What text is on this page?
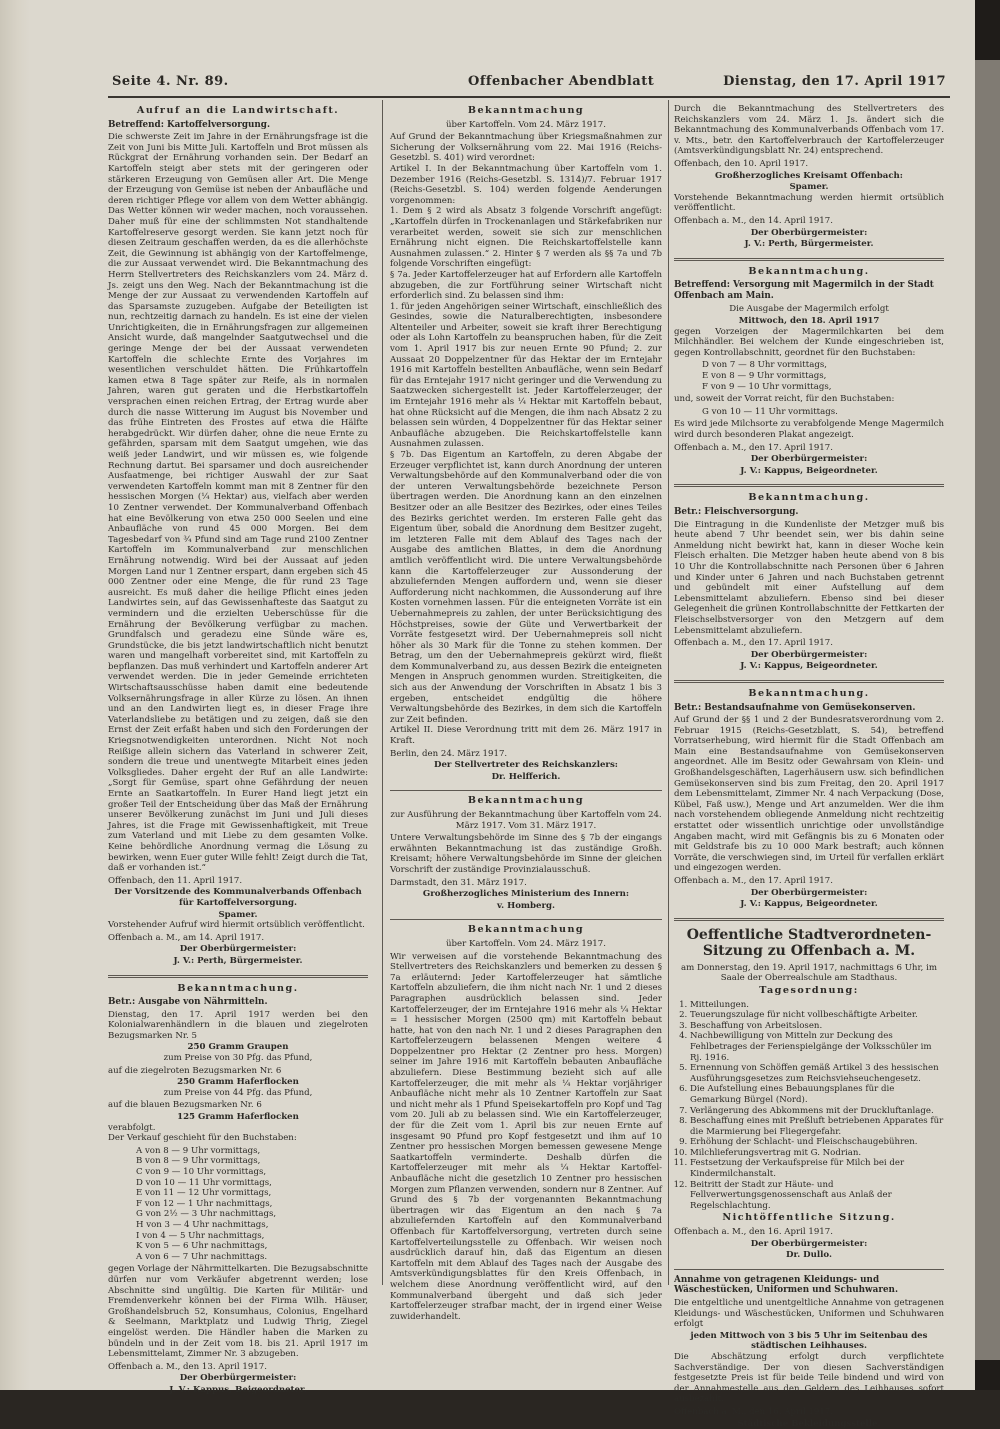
Seite 4. Nr. 89.	Offenbacher Abendblatt	Dienstag, den 17. April 1917
Aufruf an die Landwirtschaft.
Betreffend: Kartoffelversorgung.
Die schwerste Zeit im Jahre in der Ernährungsfrage ist die Zeit von Juni bis Mitte Juli. Kartoffeln und Brot müssen als Rückgrat der Ernährung vorhanden sein. Der Bedarf an Kartoffeln steigt aber stets mit der geringeren oder stärkeren Erzeugung von Gemüsen aller Art. Die Menge der Erzeugung von Gemüse ist neben der Anbaufläche und deren richtiger Pflege vor allem von dem Wetter abhängig. Das Wetter können wir weder machen, noch voraussehen. Daher muß für eine der schlimmsten Not standhaltende Kartoffelreserve gesorgt werden. Sie kann jetzt noch für diesen Zeitraum geschaffen werden, da es die allerhöchste Zeit, die Gewinnung ist abhängig von der Kartoffelmenge, die zur Aussaat verwendet wird. Die Bekanntmachung des Herrn Stellvertreters des Reichskanzlers vom 24. März d. Js. zeigt uns den Weg. Nach der Bekanntmachung ist die Menge der zur Aussaat zu verwendenden Kartoffeln auf das Sparsamste zuzugeben. Aufgabe der Beteiligten ist nun, rechtzeitig darnach zu handeln. Es ist eine der vielen Unrichtigkeiten, die in Ernährungsfragen zur allgemeinen Ansicht wurde, daß mangelnder Saatgutwechsel und die geringe Menge der bei der Aussaat verwendeten Kartoffeln die schlechte Ernte des Vorjahres im wesentlichen verschuldet hätten. Die Frühkartoffeln kamen etwa 8 Tage später zur Reife, als in normalen Jahren, waren gut geraten und die Herbstkartoffeln versprachen einen reichen Ertrag, der Ertrag wurde aber durch die nasse Witterung im August bis November und das frühe Eintreten des Frostes auf etwa die Hälfte herabgedrückt. Wir dürfen daher, ohne die neue Ernte zu gefährden, sparsam mit dem Saatgut umgehen, wie das weiß jeder Landwirt, und wir müssen es, wie folgende Rechnung dartut. Bei sparsamer und doch ausreichender Ausfaatmenge, bei richtiger Auswahl der zur Saat verwendeten Kartoffeln kommt man mit 8 Zentner für den hessischen Morgen (¼ Hektar) aus, vielfach aber werden 10 Zentner verwendet. Der Kommunalverband Offenbach hat eine Bevölkerung von etwa 250 000 Seelen und eine Anbaufläche von rund 45 000 Morgen. Bei dem Tagesbedarf von ¾ Pfund sind am Tage rund 2100 Zentner Kartoffeln im Kommunalverband zur menschlichen Ernährung notwendig. Wird bei der Aussaat auf jeden Morgen Land nur 1 Zentner erspart, dann ergeben sich 45 000 Zentner oder eine Menge, die für rund 23 Tage ausreicht. Es muß daher die heilige Pflicht eines jeden Landwirtes sein, auf das Gewissenhafteste das Saatgut zu vermindern und die erzielten Ueberschüsse für die Ernährung der Bevölkerung verfügbar zu machen. Grundfalsch und geradezu eine Sünde wäre es, Grundstücke, die bis jetzt landwirtschaftlich nicht benutzt waren und mangelhaft vorbereitet sind, mit Kartoffeln zu bepflanzen. Das muß verhindert und Kartoffeln anderer Art verwendet werden. Die in jeder Gemeinde errichteten Wirtschaftsausschüsse haben damit eine bedeutende Volksernährungsfrage in aller Kürze zu lösen. An ihnen und an den Landwirten liegt es, in dieser Frage ihre Vaterlandsliebe zu betätigen und zu zeigen, daß sie den Ernst der Zeit erfaßt haben und sich den Forderungen der Kriegsnotwendigkeiten unterordnen. Nicht Not noch Reißige allein sichern das Vaterland in schwerer Zeit, sondern die treue und unentwegte Mitarbeit eines jeden Volksgliedes. Daher ergeht der Ruf an alle Landwirte: „Sorgt für Gemüse, spart ohne Gefährdung der neuen Ernte an Saatkartoffeln. In Eurer Hand liegt jetzt ein großer Teil der Entscheidung über das Maß der Ernährung unserer Bevölkerung zunächst im Juni und Juli dieses Jahres, ist die Frage mit Gewissenhaftigkeit, mit Treue zum Vaterland und mit Liebe zu dem gesamten Volke. Keine behördliche Anordnung vermag die Lösung zu bewirken, wenn Euer guter Wille fehlt! Zeigt durch die Tat, daß er vorhanden ist.“
Offenbach, den 11. April 1917.
Der Vorsitzende des Kommunalverbands Offenbach für Kartoffelversorgung.
Spamer.
Vorstehender Aufruf wird hiermit ortsüblich veröffentlicht.
Offenbach a. M., am 14. April 1917.
Der Oberbürgermeister:
J. V.: Perth, Bürgermeister.
Bekanntmachung.
Betr.: Ausgabe von Nährmitteln.
Dienstag, den 17. April 1917 werden bei den Kolonialwarenhändlern in die blauen und ziegelroten Bezugsmarken Nr. 5
250 Gramm Graupen
zum Preise von 30 Pfg. das Pfund,
auf die ziegelroten Bezugsmarken Nr. 6
250 Gramm Haferflocken
zum Preise von 44 Pfg. das Pfund,
auf die blauen Bezugsmarken Nr. 6
125 Gramm Haferflocken
verabfolgt.
Der Verkauf geschieht für den Buchstaben:
A von 8 — 9 Uhr vormittags,
B von 8 — 9 Uhr vormittags,
C von 9 — 10 Uhr vormittags,
D von 10 — 11 Uhr vormittags,
E von 11 — 12 Uhr vormittags,
F von 12 — 1 Uhr nachmittags,
G von 2½ — 3 Uhr nachmittags,
H von 3 — 4 Uhr nachmittags,
I von 4 — 5 Uhr nachmittags,
K von 5 — 6 Uhr nachmittags,
A von 6 — 7 Uhr nachmittags.
gegen Vorlage der Nährmittelkarten. Die Bezugsabschnitte dürfen nur vom Verkäufer abgetrennt werden; lose Abschnitte sind ungültig. Die Karten für Militär- und Fremdenverkehr können bei der Firma Wilh. Häuser, Großhandelsbruch 52, Konsumhaus, Colonius, Engelhard & Seelmann, Marktplatz und Ludwig Thrig, Ziegel eingelöst werden. Die Händler haben die Marken zu bündeln und in der Zeit vom 18. bis 21. April 1917 im Lebensmittelamt, Zimmer Nr. 3 abzugeben.
Offenbach a. M., den 13. April 1917.
Der Oberbürgermeister:
J. V.: Kappus, Beigeordneter.
Bekanntmachung
über Kartoffeln. Vom 24. März 1917.
Auf Grund der Bekanntmachung über Kriegsmaßnahmen zur Sicherung der Volksernährung vom 22. Mai 1916 (Reichs-Gesetzbl. S. 401) wird verordnet:
Artikel I. In der Bekanntmachung über Kartoffeln vom 1. Dezember 1916 (Reichs-Gesetzbl. S. 1314)/7. Februar 1917 (Reichs-Gesetzbl. S. 104) werden folgende Aenderungen vorgenommen:
1. Dem § 2 wird als Absatz 3 folgende Vorschrift angefügt: „Kartoffeln dürfen in Trockenanlagen und Stärkefabriken nur verarbeitet werden, soweit sie sich zur menschlichen Ernährung nicht eignen. Die Reichskartoffelstelle kann Ausnahmen zulassen.“ 2. Hinter § 7 werden als §§ 7a und 7b folgende Vorschriften eingefügt:
§ 7a. Jeder Kartoffelerzeuger hat auf Erfordern alle Kartoffeln abzugeben, die zur Fortführung seiner Wirtschaft nicht erforderlich sind. Zu belassen sind ihm:
1. für jeden Angehörigen seiner Wirtschaft, einschließlich des Gesindes, sowie die Naturalberechtigten, insbesondere Altenteiler und Arbeiter, soweit sie kraft ihrer Berechtigung oder als Lohn Kartoffeln zu beanspruchen haben, für die Zeit vom 1. April 1917 bis zur neuen Ernte 90 Pfund; 2. zur Aussaat 20 Doppelzentner für das Hektar der im Erntejahr 1916 mit Kartoffeln bestellten Anbaufläche, wenn sein Bedarf für das Erntejahr 1917 nicht geringer und die Verwendung zu Saatzwecken sichergestellt ist. Jeder Kartoffelerzeuger, der im Erntejahr 1916 mehr als ¼ Hektar mit Kartoffeln bebaut, hat ohne Rücksicht auf die Mengen, die ihm nach Absatz 2 zu belassen sein würden, 4 Doppelzentner für das Hektar seiner Anbaufläche abzugeben. Die Reichskartoffelstelle kann Ausnahmen zulassen.
§ 7b. Das Eigentum an Kartoffeln, zu deren Abgabe der Erzeuger verpflichtet ist, kann durch Anordnung der unteren Verwaltungsbehörde auf den Kommunalverband oder die von der unteren Verwaltungsbehörde bezeichnete Person übertragen werden. Die Anordnung kann an den einzelnen Besitzer oder an alle Besitzer des Bezirkes, oder eines Teiles des Bezirks gerichtet werden. Im ersteren Falle geht das Eigentum über, sobald die Anordnung dem Besitzer zugeht, im letzteren Falle mit dem Ablauf des Tages nach der Ausgabe des amtlichen Blattes, in dem die Anordnung amtlich veröffentlicht wird. Die untere Verwaltungsbehörde kann die Kartoffelerzeuger zur Aussonderung der abzuliefernden Mengen auffordern und, wenn sie dieser Aufforderung nicht nachkommen, die Aussonderung auf ihre Kosten vornehmen lassen. Für die enteigneten Vorräte ist ein Uebernahmepreis zu zahlen, der unter Berücksichtigung des Höchstpreises, sowie der Güte und Verwertbarkeit der Vorräte festgesetzt wird. Der Uebernahmepreis soll nicht höher als 30 Mark für die Tonne zu stehen kommen. Der Betrag, um den der Uebernahmepreis gekürzt wird, fließt dem Kommunalverband zu, aus dessen Bezirk die enteigneten Mengen in Anspruch genommen wurden. Streitigkeiten, die sich aus der Anwendung der Vorschriften in Absatz 1 bis 3 ergeben, entscheidet endgültig die höhere Verwaltungsbehörde des Bezirkes, in dem sich die Kartoffeln zur Zeit befinden.
Artikel II. Diese Verordnung tritt mit dem 26. März 1917 in Kraft.
Berlin, den 24. März 1917.
Der Stellvertreter des Reichskanzlers:
Dr. Helfferich.
Bekanntmachung
zur Ausführung der Bekanntmachung über Kartoffeln vom 24. März 1917. Vom 31. März 1917.
Untere Verwaltungsbehörde im Sinne des § 7b der eingangs erwähnten Bekanntmachung ist das zuständige Großh. Kreisamt; höhere Verwaltungsbehörde im Sinne der gleichen Vorschrift der zuständige Provinzialausschuß.
Darmstadt, den 31. März 1917.
Großherzogliches Ministerium des Innern:
v. Homberg.
Bekanntmachung
über Kartoffeln. Vom 24. März 1917.
Wir verweisen auf die vorstehende Bekanntmachung des Stellvertreters des Reichskanzlers und bemerken zu dessen § 7a erläuternd: Jeder Kartoffelerzeuger hat sämtliche Kartoffeln abzuliefern, die ihm nicht nach Nr. 1 und 2 dieses Paragraphen ausdrücklich belassen sind. Jeder Kartoffelerzeuger, der im Erntejahre 1916 mehr als ¼ Hektar = 1 hessischer Morgen (2500 qm) mit Kartoffeln bebaut hatte, hat von den nach Nr. 1 und 2 dieses Paragraphen den Kartoffelerzeugern belassenen Mengen weitere 4 Doppelzentner pro Hektar (2 Zentner pro hess. Morgen) seiner im Jahre 1916 mit Kartoffeln bebauten Anbaufläche abzuliefern. Diese Bestimmung bezieht sich auf alle Kartoffelerzeuger, die mit mehr als ¼ Hektar vorjähriger Anbaufläche nicht mehr als 10 Zentner Kartoffeln zur Saat und nicht mehr als 1 Pfund Speisekartoffeln pro Kopf und Tag vom 20. Juli ab zu belassen sind. Wie ein Kartoffelerzeuger, der für die Zeit vom 1. April bis zur neuen Ernte auf insgesamt 90 Pfund pro Kopf festgesetzt und ihm auf 10 Zentner pro hessischen Morgen bemessen gewesene Menge Saatkartoffeln verminderte. Deshalb dürfen die Kartoffelerzeuger mit mehr als ¼ Hektar Kartoffel-Anbaufläche nicht die gesetzlich 10 Zentner pro hessischen Morgen zum Pflanzen verwenden, sondern nur 8 Zentner. Auf Grund des § 7b der vorgenannten Bekanntmachung übertragen wir das Eigentum an den nach § 7a abzuliefernden Kartoffeln auf den Kommunalverband Offenbach für Kartoffelversorgung, vertreten durch seine Kartoffelverteilungsstelle zu Offenbach. Wir weisen noch ausdrücklich darauf hin, daß das Eigentum an diesen Kartoffeln mit dem Ablauf des Tages nach der Ausgabe des Amtsverkündigungsblattes für den Kreis Offenbach, in welchem diese Anordnung veröffentlicht wird, auf den Kommunalverband übergeht und daß sich jeder Kartoffelerzeuger strafbar macht, der in irgend einer Weise zuwiderhandelt.
Durch die Bekanntmachung des Stellvertreters des Reichskanzlers vom 24. März 1. Js. ändert sich die Bekanntmachung des Kommunalverbands Offenbach vom 17. v. Mts., betr. den Kartoffelverbrauch der Kartoffelerzeuger (Amtsverkündigungsblatt Nr. 24) entsprechend.
Offenbach, den 10. April 1917.
Großherzogliches Kreisamt Offenbach:
Spamer.
Vorstehende Bekanntmachung werden hiermit ortsüblich veröffentlicht.
Offenbach a. M., den 14. April 1917.
Der Oberbürgermeister:
J. V.: Perth, Bürgermeister.
Bekanntmachung.
Betreffend: Versorgung mit Magermilch in der Stadt Offenbach am Main.
Die Ausgabe der Magermilch erfolgt
Mittwoch, den 18. April 1917
gegen Vorzeigen der Magermilchkarten bei dem Milchhändler. Bei welchem der Kunde eingeschrieben ist, gegen Kontrollabschnitt, geordnet für den Buchstaben:
D von 7 — 8 Uhr vormittags,
E von 8 — 9 Uhr vormittags,
F von 9 — 10 Uhr vormittags,
und, soweit der Vorrat reicht, für den Buchstaben:
G von 10 — 11 Uhr vormittags.
Es wird jede Milchsorte zu verabfolgende Menge Magermilch wird durch besonderen Plakat angezeigt.
Offenbach a. M., den 17. April 1917.
Der Oberbürgermeister:
J. V.: Kappus, Beigeordneter.
Bekanntmachung.
Betr.: Fleischversorgung.
Die Eintragung in die Kundenliste der Metzger muß bis heute abend 7 Uhr beendet sein, wer bis dahin seine Anmeldung nicht bewirkt hat, kann in dieser Woche kein Fleisch erhalten. Die Metzger haben heute abend von 8 bis 10 Uhr die Kontrollabschnitte nach Personen über 6 Jahren und Kinder unter 6 Jahren und nach Buchstaben getrennt und gebündelt mit einer Aufstellung auf dem Lebensmittelamt abzuliefern. Ebenso sind bei dieser Gelegenheit die grünen Kontrollabschnitte der Fettkarten der Fleischselbstversorger von den Metzgern auf dem Lebensmittelamt abzuliefern.
Offenbach a. M., den 17. April 1917.
Der Oberbürgermeister:
J. V.: Kappus, Beigeordneter.
Bekanntmachung.
Betr.: Bestandsaufnahme von Gemüsekonserven.
Auf Grund der §§ 1 und 2 der Bundesratsverordnung vom 2. Februar 1915 (Reichs-Gesetzblatt, S. 54), betreffend Vorratserhebung, wird hiermit für die Stadt Offenbach am Main eine Bestandsaufnahme von Gemüsekonserven angeordnet. Alle im Besitz oder Gewahrsam von Klein- und Großhandelsgeschäften, Lagerhäusern usw. sich befindlichen Gemüsekonserven sind bis zum Freitag, den 20. April 1917 dem Lebensmittelamt, Zimmer Nr. 4 nach Verpackung (Dose, Kübel, Faß usw.), Menge und Art anzumelden. Wer die ihm nach vorstehendem obliegende Anmeldung nicht rechtzeitig erstattet oder wissentlich unrichtige oder unvollständige Angaben macht, wird mit Gefängnis bis zu 6 Monaten oder mit Geldstrafe bis zu 10 000 Mark bestraft; auch können Vorräte, die verschwiegen sind, im Urteil für verfallen erklärt und eingezogen werden.
Offenbach a. M., den 17. April 1917.
Der Oberbürgermeister:
J. V.: Kappus, Beigeordneter.
Oeffentliche Stadtverordneten-Sitzung zu Offenbach a. M.
am Donnerstag, den 19. April 1917, nachmittags 6 Uhr, im Saale der Oberrealschule am Stadthaus.
Tagesordnung:
1. Mitteilungen.
2. Teuerungszulage für nicht vollbeschäftigte Arbeiter.
3. Beschaffung von Arbeitslosen.
4. Nachbewilligung von Mitteln zur Deckung des Fehlbetrages der Ferienspielgänge der Volksschüler im Rj. 1916.
5. Ernennung von Schöffen gemäß Artikel 3 des hessischen Ausführungsgesetzes zum Reichsviehseuchengesetz.
6. Die Aufstellung eines Bebauungsplanes für die Gemarkung Bürgel (Nord).
7. Verlängerung des Abkommens mit der Druckluftanlage.
8. Beschaffung eines mit Preßluft betriebenen Apparates für die Marmierung bei Fliegergefahr.
9. Erhöhung der Schlacht- und Fleischschaugebühren.
10. Milchlieferungsvertrag mit G. Nodrian.
11. Festsetzung der Verkaufspreise für Milch bei der Kindermilchanstalt.
12. Beitritt der Stadt zur Häute- und Fellverwertungsgenossenschaft aus Anlaß der Regelschlachtung.
Nichtöffentliche Sitzung.
Offenbach a. M., den 16. April 1917.
Der Oberbürgermeister:
Dr. Dullo.
Annahme von getragenen Kleidungs- und Wäschestücken, Uniformen und Schuhwaren.
Die entgeltliche und unentgeltliche Annahme von getragenen Kleidungs- und Wäschestücken, Uniformen und Schuhwaren erfolgt
jeden Mittwoch von 3 bis 5 Uhr im Seitenbau des städtischen Leihhauses.
Die Abschätzung erfolgt durch verpflichtete Sachverständige. Der von diesen Sachverständigen festgesetzte Preis ist für beide Teile bindend und wird von der Annahmestelle aus den Geldern des Leihhauses sofort ausbezahlt.
Offenbach a. M., den 16. April 1917.
Städtische Bekleidungsstelle.
